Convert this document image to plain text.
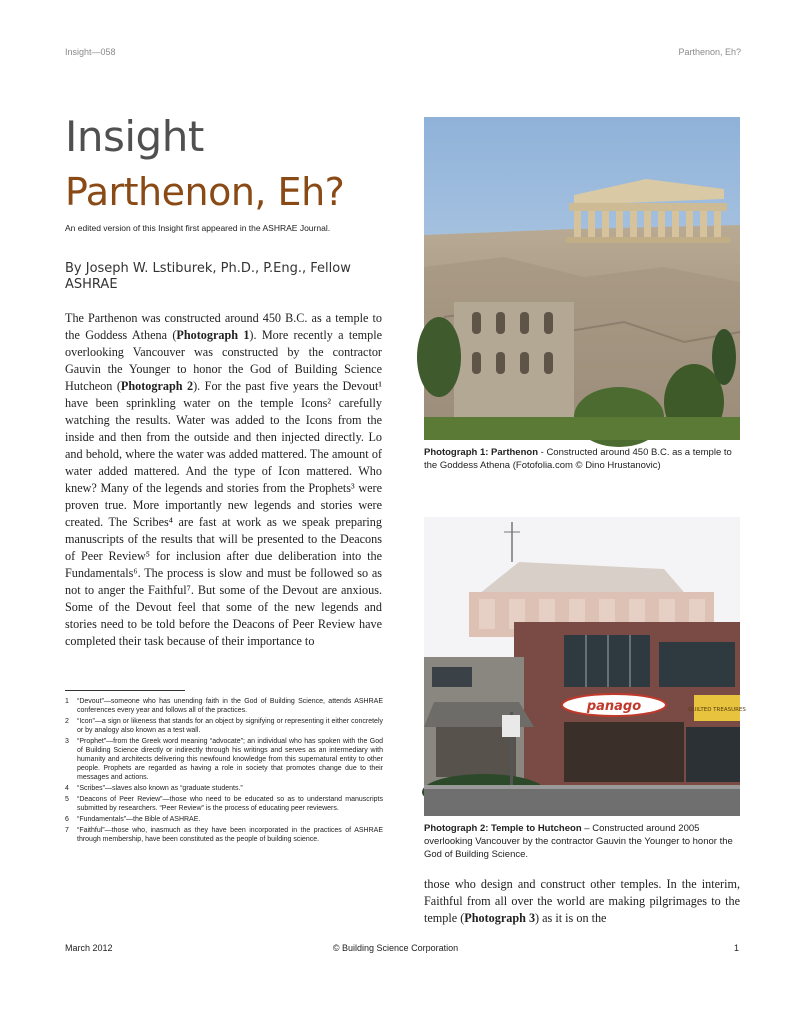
Insight—058	Parthenon, Eh?
Insight
Parthenon, Eh?
An edited version of this Insight first appeared in the ASHRAE Journal.
By Joseph W. Lstiburek, Ph.D., P.Eng., Fellow ASHRAE
The Parthenon was constructed around 450 B.C. as a temple to the Goddess Athena (Photograph 1). More recently a temple overlooking Vancouver was constructed by the contractor Gauvin the Younger to honor the God of Building Science Hutcheon (Photograph 2). For the past five years the Devout¹ have been sprinkling water on the temple Icons² carefully watching the results. Water was added to the Icons from the inside and then from the outside and then injected directly. Lo and behold, where the water was added mattered. The amount of water added mattered. And the type of Icon mattered. Who knew? Many of the legends and stories from the Prophets³ were proven true. More importantly new legends and stories were created. The Scribes⁴ are fast at work as we speak preparing manuscripts of the results that will be presented to the Deacons of Peer Review⁵ for inclusion after due deliberation into the Fundamentals⁶. The process is slow and must be followed so as not to anger the Faithful⁷. But some of the Devout are anxious. Some of the Devout feel that some of the new legends and stories need to be told before the Deacons of Peer Review have completed their task because of their importance to
1	“Devout”—someone who has unending faith in the God of Building Science, attends ASHRAE conferences every year and follows all of the practices.
2	“Icon”—a sign or likeness that stands for an object by signifying or representing it either concretely or by analogy also known as a test wall.
3	“Prophet”—from the Greek word meaning “advocate”; an individual who has spoken with the God of Building Science directly or indirectly through his writings and serves as an intermediary with humanity and architects delivering this newfound knowledge from this supernatural entity to other people. Prophets are regarded as having a role in society that promotes change due to their messages and actions.
4	“Scribes”—slaves also known as “graduate students.”
5	“Deacons of Peer Review”—those who need to be educated so as to understand manuscripts submitted by researchers. “Peer Review” is the process of educating peer reviewers.
6	“Fundamentals”—the Bible of ASHRAE.
7	“Faithful”—those who, inasmuch as they have been incorporated in the practices of ASHRAE through membership, have been constituted as the people of building science.
Photograph 1: Parthenon - Constructed around 450 B.C. as a temple to the Goddess Athena (Fotofolia.com © Dino Hrustanovic)
panago	QUILTED TREASURES
Photograph 2: Temple to Hutcheon – Constructed around 2005 overlooking Vancouver by the contractor Gauvin the Younger to honor the God of Building Science.
those who design and construct other temples. In the interim, Faithful from all over the world are making pilgrimages to the temple (Photograph 3) as it is on the
March 2012	© Building Science Corporation	1
